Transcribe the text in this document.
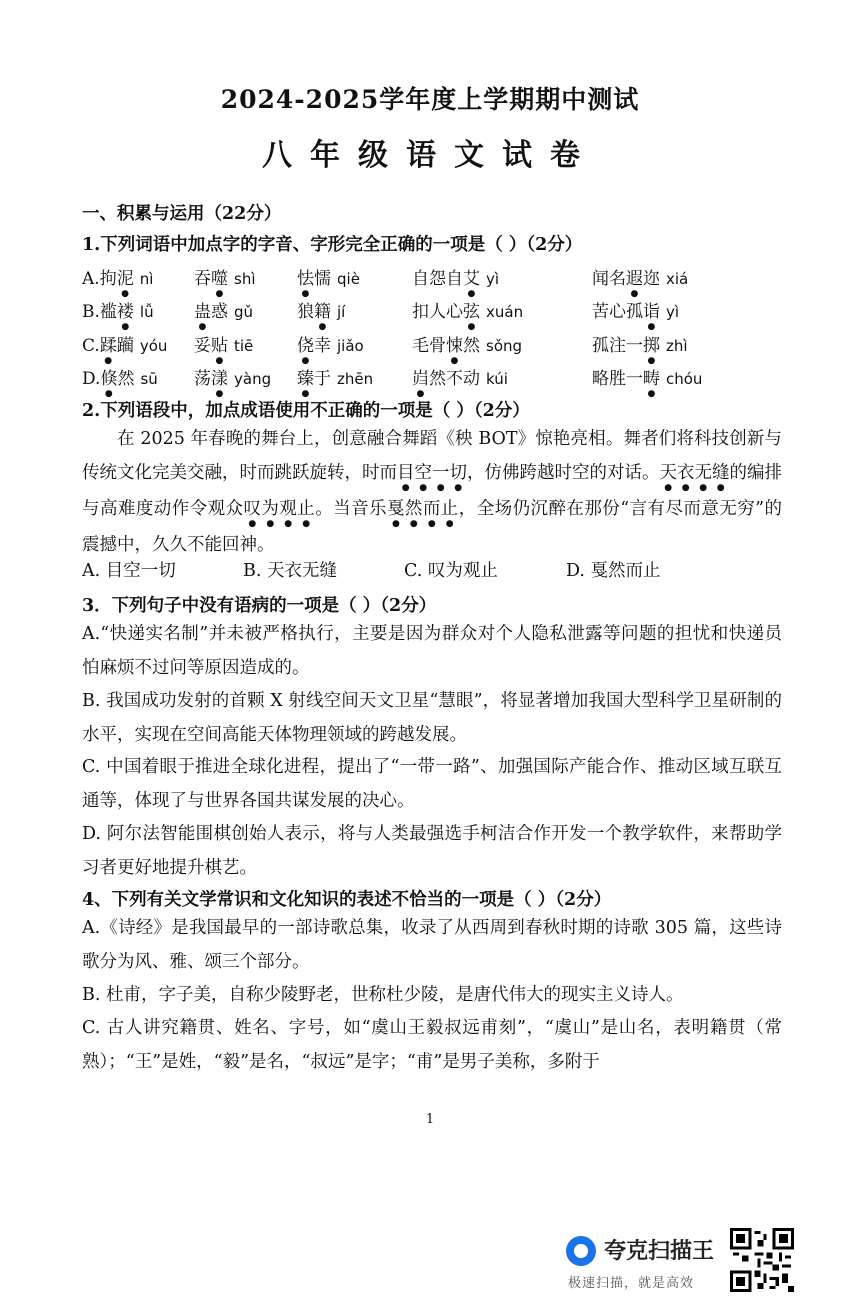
2024-2025学年度上学期期中测试
八年级语文试卷
一、积累与运用（22分）
1.下列词语中加点字的字音、字形完全正确的一项是（ ）（2分）
A.拘泥 nì 吞噬 shì 怯懦 qiè	自怨自艾 yì	闻名遐迩 xiá
B.褴褛 lǚ 蛊惑 gǔ	狼籍 jí	扣人心弦 xuán	苦心孤诣 yì
C.蹂躏 yóu 妥贴 tiē	侥幸 jiǎo	毛骨悚然 sǒng	孤注一掷 zhì
D.倏然 sū 荡漾 yàng 臻于 zhēn 岿然不动 kúi	略胜一畴 chóu
2.下列语段中，加点成语使用不正确的一项是（ ）（2分）
在 2025 年春晚的舞台上，创意融合舞蹈《秧 BOT》惊艳亮相。舞者们将科技创新与传统文化完美交融，时而跳跃旋转，时而目空一切，仿佛跨越时空的对话。天衣无缝的编排与高难度动作令观众叹为观止。当音乐戛然而止，全场仍沉醉在那份“言有尽而意无穷”的震撼中，久久不能回神。
A. 目空一切	B. 天衣无缝	C. 叹为观止	D. 戛然而止
3．下列句子中没有语病的一项是（ ）（2分）
A.“快递实名制”并未被严格执行，主要是因为群众对个人隐私泄露等问题的担忧和快递员怕麻烦不过问等原因造成的。
B. 我国成功发射的首颗 X 射线空间天文卫星“慧眼”，将显著增加我国大型科学卫星研制的水平，实现在空间高能天体物理领域的跨越发展。
C. 中国着眼于推进全球化进程，提出了“一带一路”、加强国际产能合作、推动区域互联互通等，体现了与世界各国共谋发展的决心。
D. 阿尔法智能围棋创始人表示，将与人类最强选手柯洁合作开发一个教学软件，来帮助学习者更好地提升棋艺。
4、下列有关文学常识和文化知识的表述不恰当的一项是（ ）（2分）
A.《诗经》是我国最早的一部诗歌总集，收录了从西周到春秋时期的诗歌 305 篇，这些诗歌分为风、雅、颂三个部分。
B. 杜甫，字子美，自称少陵野老，世称杜少陵，是唐代伟大的现实主义诗人。
C. 古人讲究籍贯、姓名、字号，如“虞山王毅叔远甫刻”，“虞山”是山名，表明籍贯（常熟）；“王”是姓，“毅”是名，“叔远”是字；“甫”是男子美称，多附于
1
夸克扫描王
极速扫描，就是高效
